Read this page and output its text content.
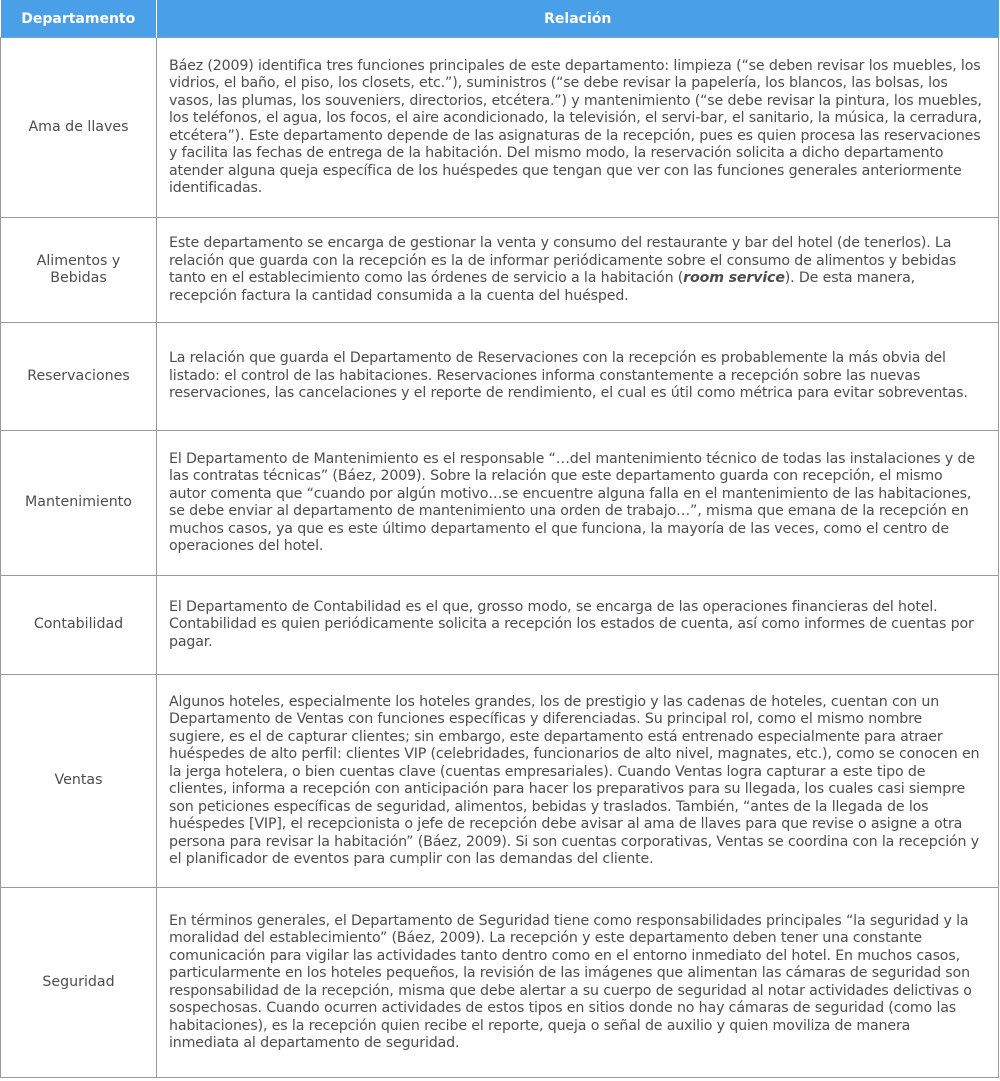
Departamento	Relación
Ama de llaves	Báez (2009) identifica tres funciones principales de este departamento: limpieza (“se deben revisar los muebles, los vidrios, el baño, el piso, los closets, etc.”), suministros (“se debe revisar la papelería, los blancos, las bolsas, los vasos, las plumas, los souveniers, directorios, etcétera.”) y mantenimiento (“se debe revisar la pintura, los muebles, los teléfonos, el agua, los focos, el aire acondicionado, la televisión, el servi-bar, el sanitario, la música, la cerradura, etcétera”). Este departamento depende de las asignaturas de la recepción, pues es quien procesa las reservaciones y facilita las fechas de entrega de la habitación. Del mismo modo, la reservación solicita a dicho departamento atender alguna queja específica de los huéspedes que tengan que ver con las funciones generales anteriormente identificadas.
Alimentos y Bebidas	Este departamento se encarga de gestionar la venta y consumo del restaurante y bar del hotel (de tenerlos). La relación que guarda con la recepción es la de informar periódicamente sobre el consumo de alimentos y bebidas tanto en el establecimiento como las órdenes de servicio a la habitación (room service). De esta manera, recepción factura la cantidad consumida a la cuenta del huésped.
Reservaciones	La relación que guarda el Departamento de Reservaciones con la recepción es probablemente la más obvia del listado: el control de las habitaciones. Reservaciones informa constantemente a recepción sobre las nuevas reservaciones, las cancelaciones y el reporte de rendimiento, el cual es útil como métrica para evitar sobreventas.
Mantenimiento	El Departamento de Mantenimiento es el responsable “…del mantenimiento técnico de todas las instalaciones y de las contratas técnicas” (Báez, 2009). Sobre la relación que este departamento guarda con recepción, el mismo autor comenta que “cuando por algún motivo…se encuentre alguna falla en el mantenimiento de las habitaciones, se debe enviar al departamento de mantenimiento una orden de trabajo…”, misma que emana de la recepción en muchos casos, ya que es este último departamento el que funciona, la mayoría de las veces, como el centro de operaciones del hotel.
Contabilidad	El Departamento de Contabilidad es el que, grosso modo, se encarga de las operaciones financieras del hotel. Contabilidad es quien periódicamente solicita a recepción los estados de cuenta, así como informes de cuentas por pagar.
Ventas	Algunos hoteles, especialmente los hoteles grandes, los de prestigio y las cadenas de hoteles, cuentan con un Departamento de Ventas con funciones específicas y diferenciadas. Su principal rol, como el mismo nombre sugiere, es el de capturar clientes; sin embargo, este departamento está entrenado especialmente para atraer huéspedes de alto perfil: clientes VIP (celebridades, funcionarios de alto nivel, magnates, etc.), como se conocen en la jerga hotelera, o bien cuentas clave (cuentas empresariales). Cuando Ventas logra capturar a este tipo de clientes, informa a recepción con anticipación para hacer los preparativos para su llegada, los cuales casi siempre son peticiones específicas de seguridad, alimentos, bebidas y traslados. También, “antes de la llegada de los huéspedes [VIP], el recepcionista o jefe de recepción debe avisar al ama de llaves para que revise o asigne a otra persona para revisar la habitación” (Báez, 2009). Si son cuentas corporativas, Ventas se coordina con la recepción y el planificador de eventos para cumplir con las demandas del cliente.
Seguridad	En términos generales, el Departamento de Seguridad tiene como responsabilidades principales “la seguridad y la moralidad del establecimiento” (Báez, 2009). La recepción y este departamento deben tener una constante comunicación para vigilar las actividades tanto dentro como en el entorno inmediato del hotel. En muchos casos, particularmente en los hoteles pequeños, la revisión de las imágenes que alimentan las cámaras de seguridad son responsabilidad de la recepción, misma que debe alertar a su cuerpo de seguridad al notar actividades delictivas o sospechosas. Cuando ocurren actividades de estos tipos en sitios donde no hay cámaras de seguridad (como las habitaciones), es la recepción quien recibe el reporte, queja o señal de auxilio y quien moviliza de manera inmediata al departamento de seguridad.
